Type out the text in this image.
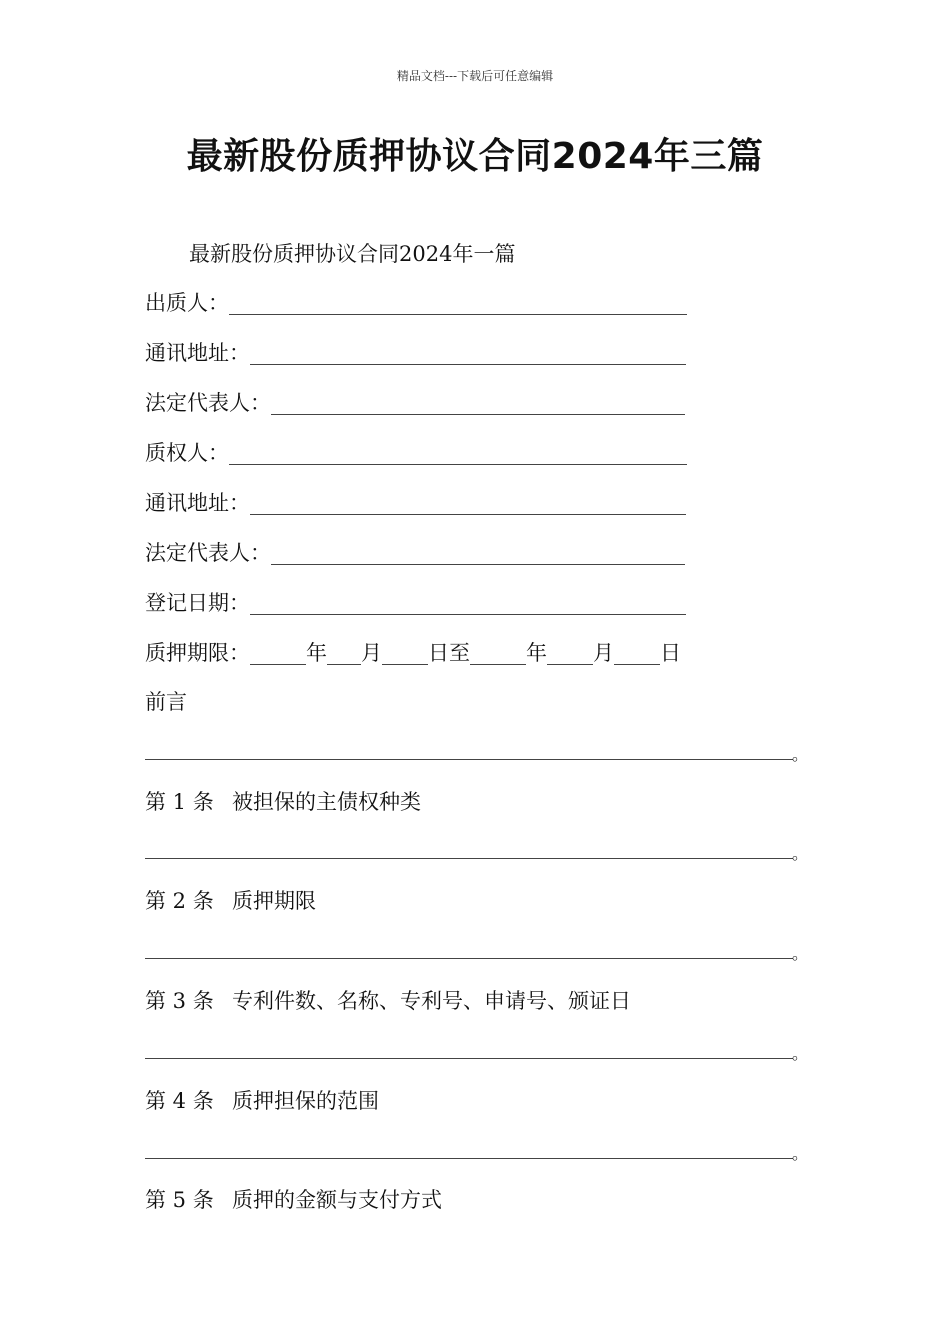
精品文档---下载后可任意编辑
最新股份质押协议合同2024年三篇

最新股份质押协议合同2024年一篇

出质人：
通讯地址：
法定代表人：
质权人：
通讯地址：
法定代表人：
登记日期：
质押期限：	年 月 日至	年 月 日
前言
。
第 1 条 被担保的主债权种类
。
第 2 条 质押期限
。
第 3 条 专利件数、名称、专利号、申请号、颁证日
。
第 4 条 质押担保的范围
。
第 5 条 质押的金额与支付方式
